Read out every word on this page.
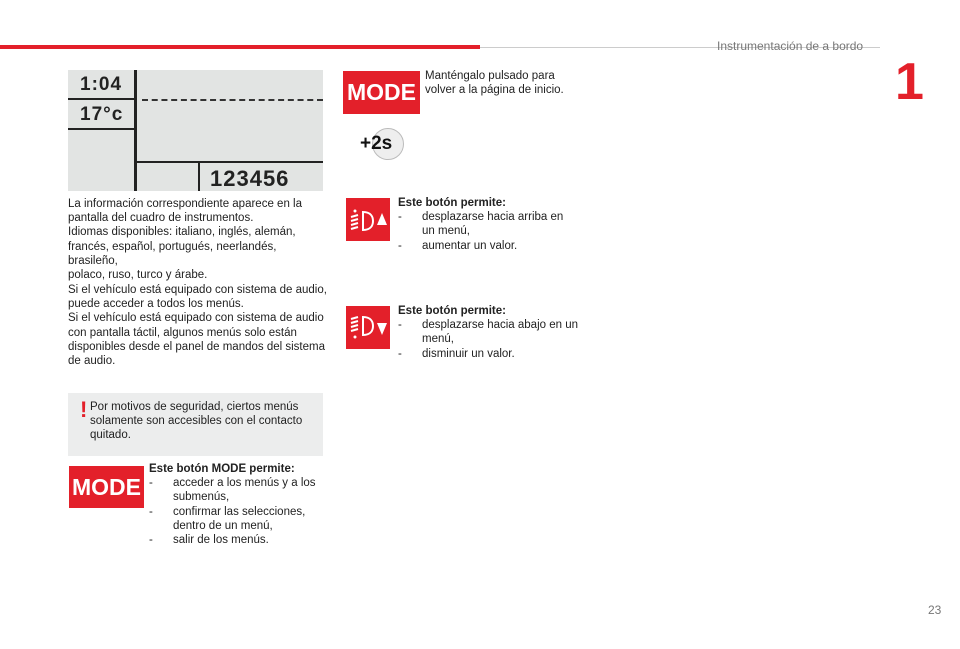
Instrumentación de a bordo
1
1:04
17°c
123456
La información correspondiente aparece en la
pantalla del cuadro de instrumentos.
Idiomas disponibles: italiano, inglés, alemán,
francés, español, portugués, neerlandés, brasileño,
polaco, ruso, turco y árabe.
Si el vehículo está equipado con sistema de audio,
puede acceder a todos los menús.
Si el vehículo está equipado con sistema de audio
con pantalla táctil, algunos menús solo están
disponibles desde el panel de mandos del sistema
de audio.
! Por motivos de seguridad, ciertos menús solamente son accesibles con el contacto quitado.
MODE
Este botón MODE permite:
- acceder a los menús y a los submenús,
- confirmar las selecciones, dentro de un menú,
- salir de los menús.
MODE
Manténgalo pulsado para volver a la página de inicio.
+2s
Este botón permite:
- desplazarse hacia arriba en un menú,
- aumentar un valor.
Este botón permite:
- desplazarse hacia abajo en un menú,
- disminuir un valor.
23
